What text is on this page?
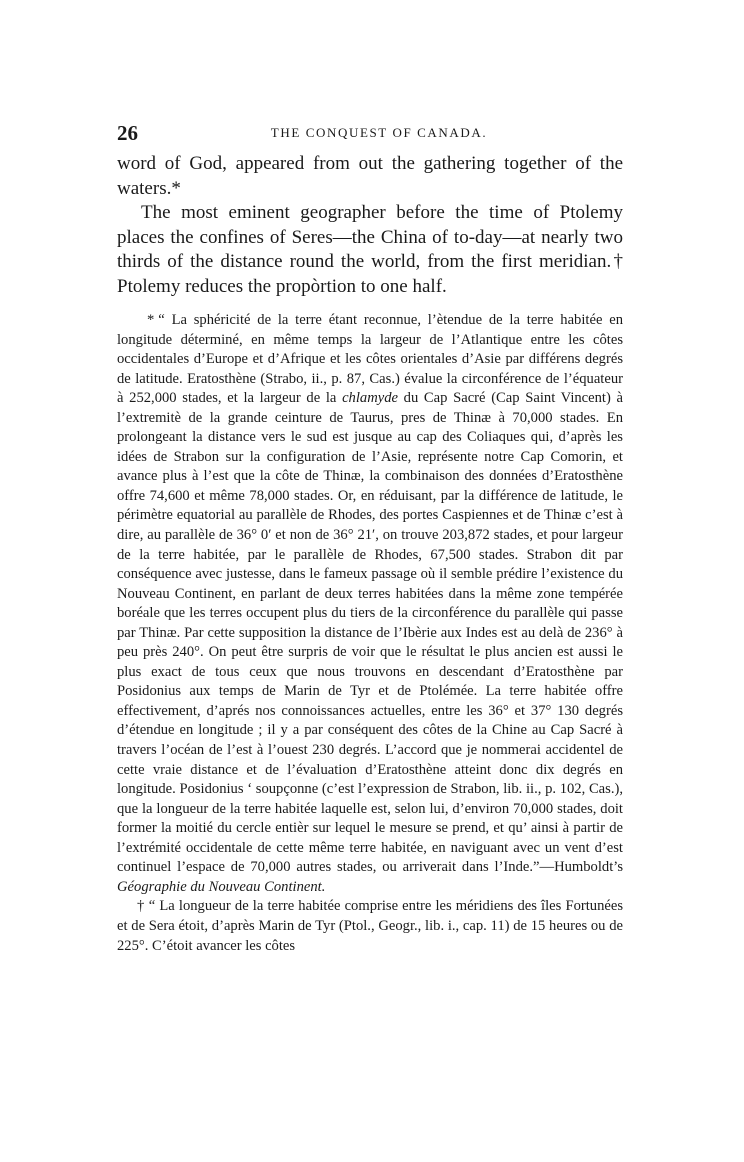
26	THE CONQUEST OF CANADA.

word of God, appeared from out the gathering together of the waters.*

The most eminent geographer before the time of Ptolemy places the confines of Seres—the China of to-day—at nearly two thirds of the distance round the world, from the first meridian.† Ptolemy reduces the propòrtion to one half.

* “ La sphéricité de la terre étant reconnue, l’ètendue de la terre habitée en longitude déterminé, en même temps la largeur de l’Atlantique entre les côtes occidentales d’Europe et d’Afrique et les côtes orientales d’Asie par différens degrés de latitude. Eratosthène (Strabo, ii., p. 87, Cas.) évalue la circonférence de l’équateur à 252,000 stades, et la largeur de la chlamyde du Cap Sacré (Cap Saint Vincent) à l’extremitè de la grande ceinture de Taurus, pres de Thinæ à 70,000 stades. En prolongeant la distance vers le sud est jusque au cap des Coliaques qui, d’après les idées de Strabon sur la configuration de l’Asie, représente notre Cap Comorin, et avance plus à l’est que la côte de Thinæ, la combinaison des données d’Eratosthène offre 74,600 et même 78,000 stades. Or, en réduisant, par la différence de latitude, le périmètre equatorial au parallèle de Rhodes, des portes Caspiennes et de Thinæ c’est à dire, au parallèle de 36° 0′ et non de 36° 21′, on trouve 203,872 stades, et pour largeur de la terre habitée, par le parallèle de Rhodes, 67,500 stades. Strabon dit par conséquence avec justesse, dans le fameux passage où il semble prédire l’existence du Nouveau Continent, en parlant de deux terres habitées dans la même zone tempérée boréale que les terres occupent plus du tiers de la circonférence du parallèle qui passe par Thinæ. Par cette supposition la distance de l’Ibèrie aux Indes est au delà de 236° à peu près 240°. On peut être surpris de voir que le résultat le plus ancien est aussi le plus exact de tous ceux que nous trouvons en descendant d’Eratosthène par Posidonius aux temps de Marin de Tyr et de Ptolémée. La terre habitée offre effectivement, d’aprés nos connoissances actuelles, entre les 36° et 37° 130 degrés d’étendue en longitude ; il y a par conséquent des côtes de la Chine au Cap Sacré à travers l’océan de l’est à l’ouest 230 degrés. L’accord que je nommerai accidentel de cette vraie distance et de l’évaluation d’Eratosthène atteint donc dix degrés en longitude. Posidonius ‘ soupçonne (c’est l’expression de Strabon, lib. ii., p. 102, Cas.), que la longueur de la terre habitée laquelle est, selon lui, d’environ 70,000 stades, doit former la moitié du cercle entièr sur lequel le mesure se prend, et qu’ ainsi à partir de l’extrémité occidentale de cette même terre habitée, en naviguant avec un vent d’est continuel l’espace de 70,000 autres stades, ou arriverait dans l’Inde.”—Humboldt’s Géographie du Nouveau Continent.

† “ La longueur de la terre habitée comprise entre les méridiens des îles Fortunées et de Sera étoit, d’après Marin de Tyr (Ptol., Geogr., lib. i., cap. 11) de 15 heures ou de 225°. C’étoit avancer les côtes
